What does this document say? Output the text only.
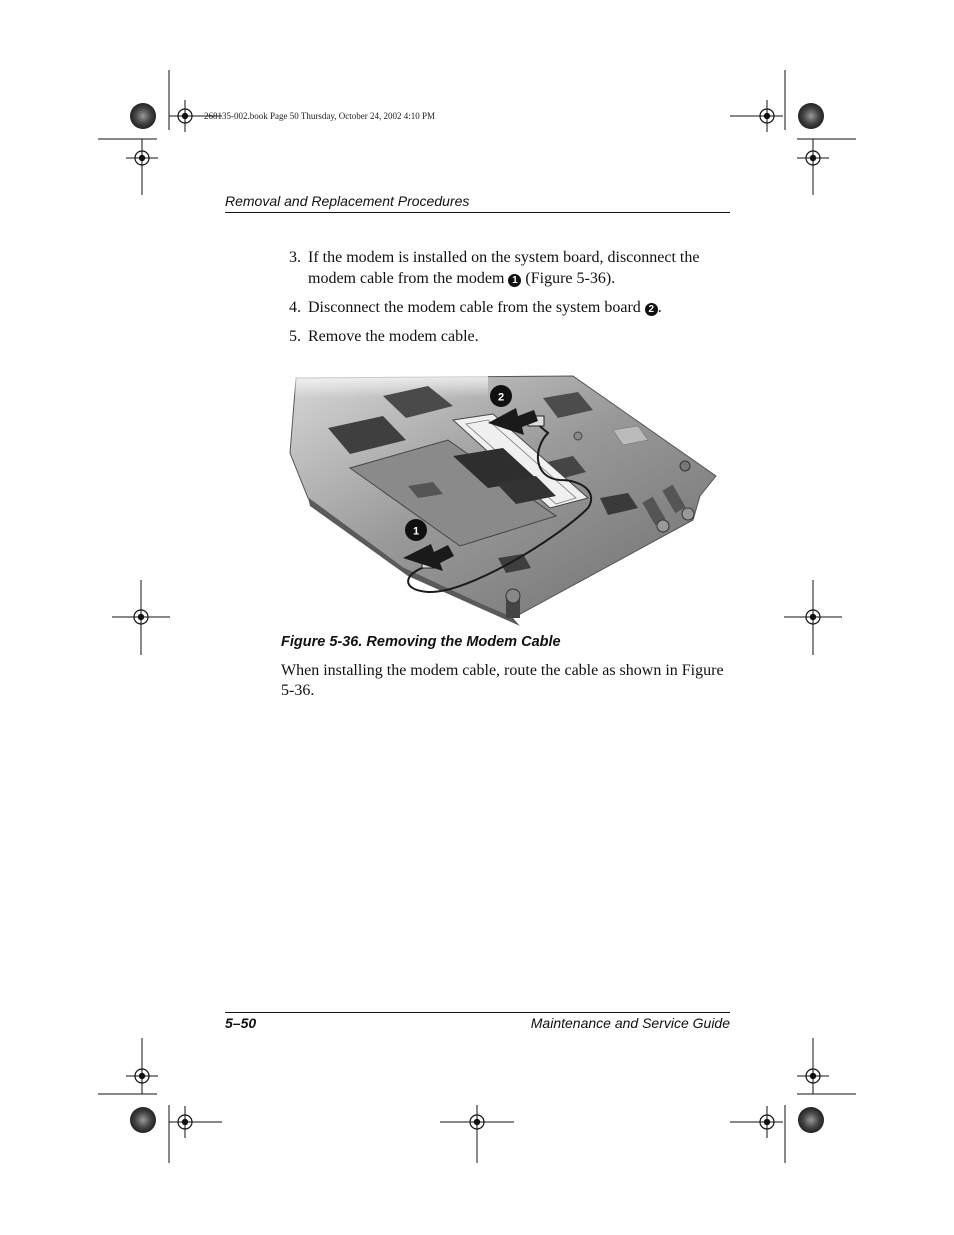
268135-002.book Page 50 Thursday, October 24, 2002 4:10 PM
Removal and Replacement Procedures
3. If the modem is installed on the system board, disconnect the modem cable from the modem 1 (Figure 5-36).
4. Disconnect the modem cable from the system board 2 .
5. Remove the modem cable.
1
2
Figure 5-36. Removing the Modem Cable
When installing the modem cable, route the cable as shown in Figure 5-36.
5–50	Maintenance and Service Guide
